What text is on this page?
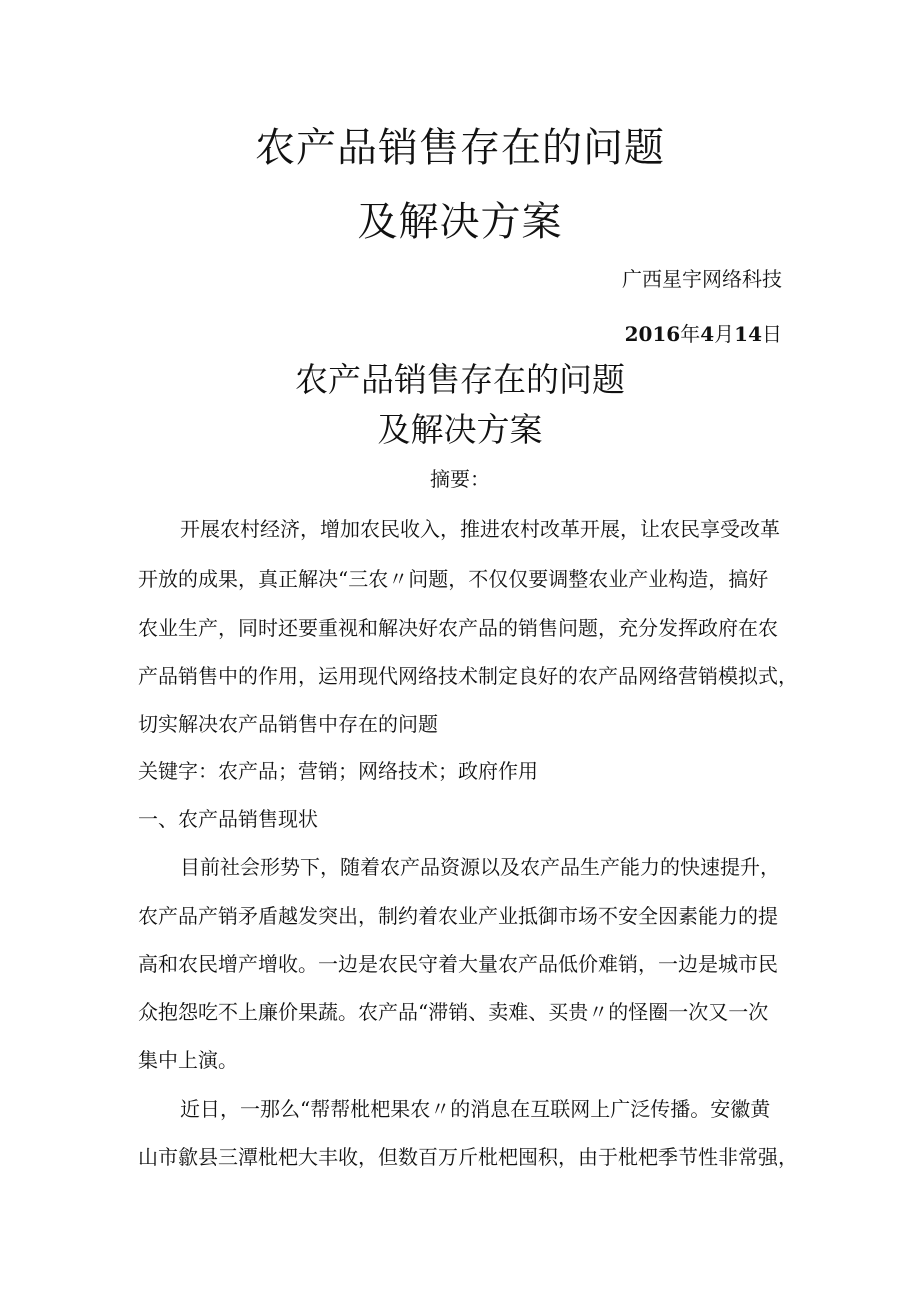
农产品销售存在的问题
及解决方案
广西星宇网络科技
2016年4月14日
农产品销售存在的问题
及解决方案
摘要：
开展农村经济，增加农民收入，推进农村改革开展，让农民享受改革
开放的成果，真正解决“三农〃问题，不仅仅要调整农业产业构造，搞好
农业生产，同时还要重视和解决好农产品的销售问题，充分发挥政府在农
产品销售中的作用，运用现代网络技术制定良好的农产品网络营销模拟式，
切实解决农产品销售中存在的问题
关键字：农产品；营销；网络技术；政府作用
一、农产品销售现状
目前社会形势下，随着农产品资源以及农产品生产能力的快速提升，
农产品产销矛盾越发突出，制约着农业产业抵御市场不安全因素能力的提
高和农民增产增收。一边是农民守着大量农产品低价难销，一边是城市民
众抱怨吃不上廉价果蔬。农产品“滞销、卖难、买贵〃的怪圈一次又一次
集中上演。
近日，一那么“帮帮枇杷果农〃的消息在互联网上广泛传播。安徽黄
山市歙县三潭枇杷大丰收，但数百万斤枇杷囤积，由于枇杷季节性非常强，
